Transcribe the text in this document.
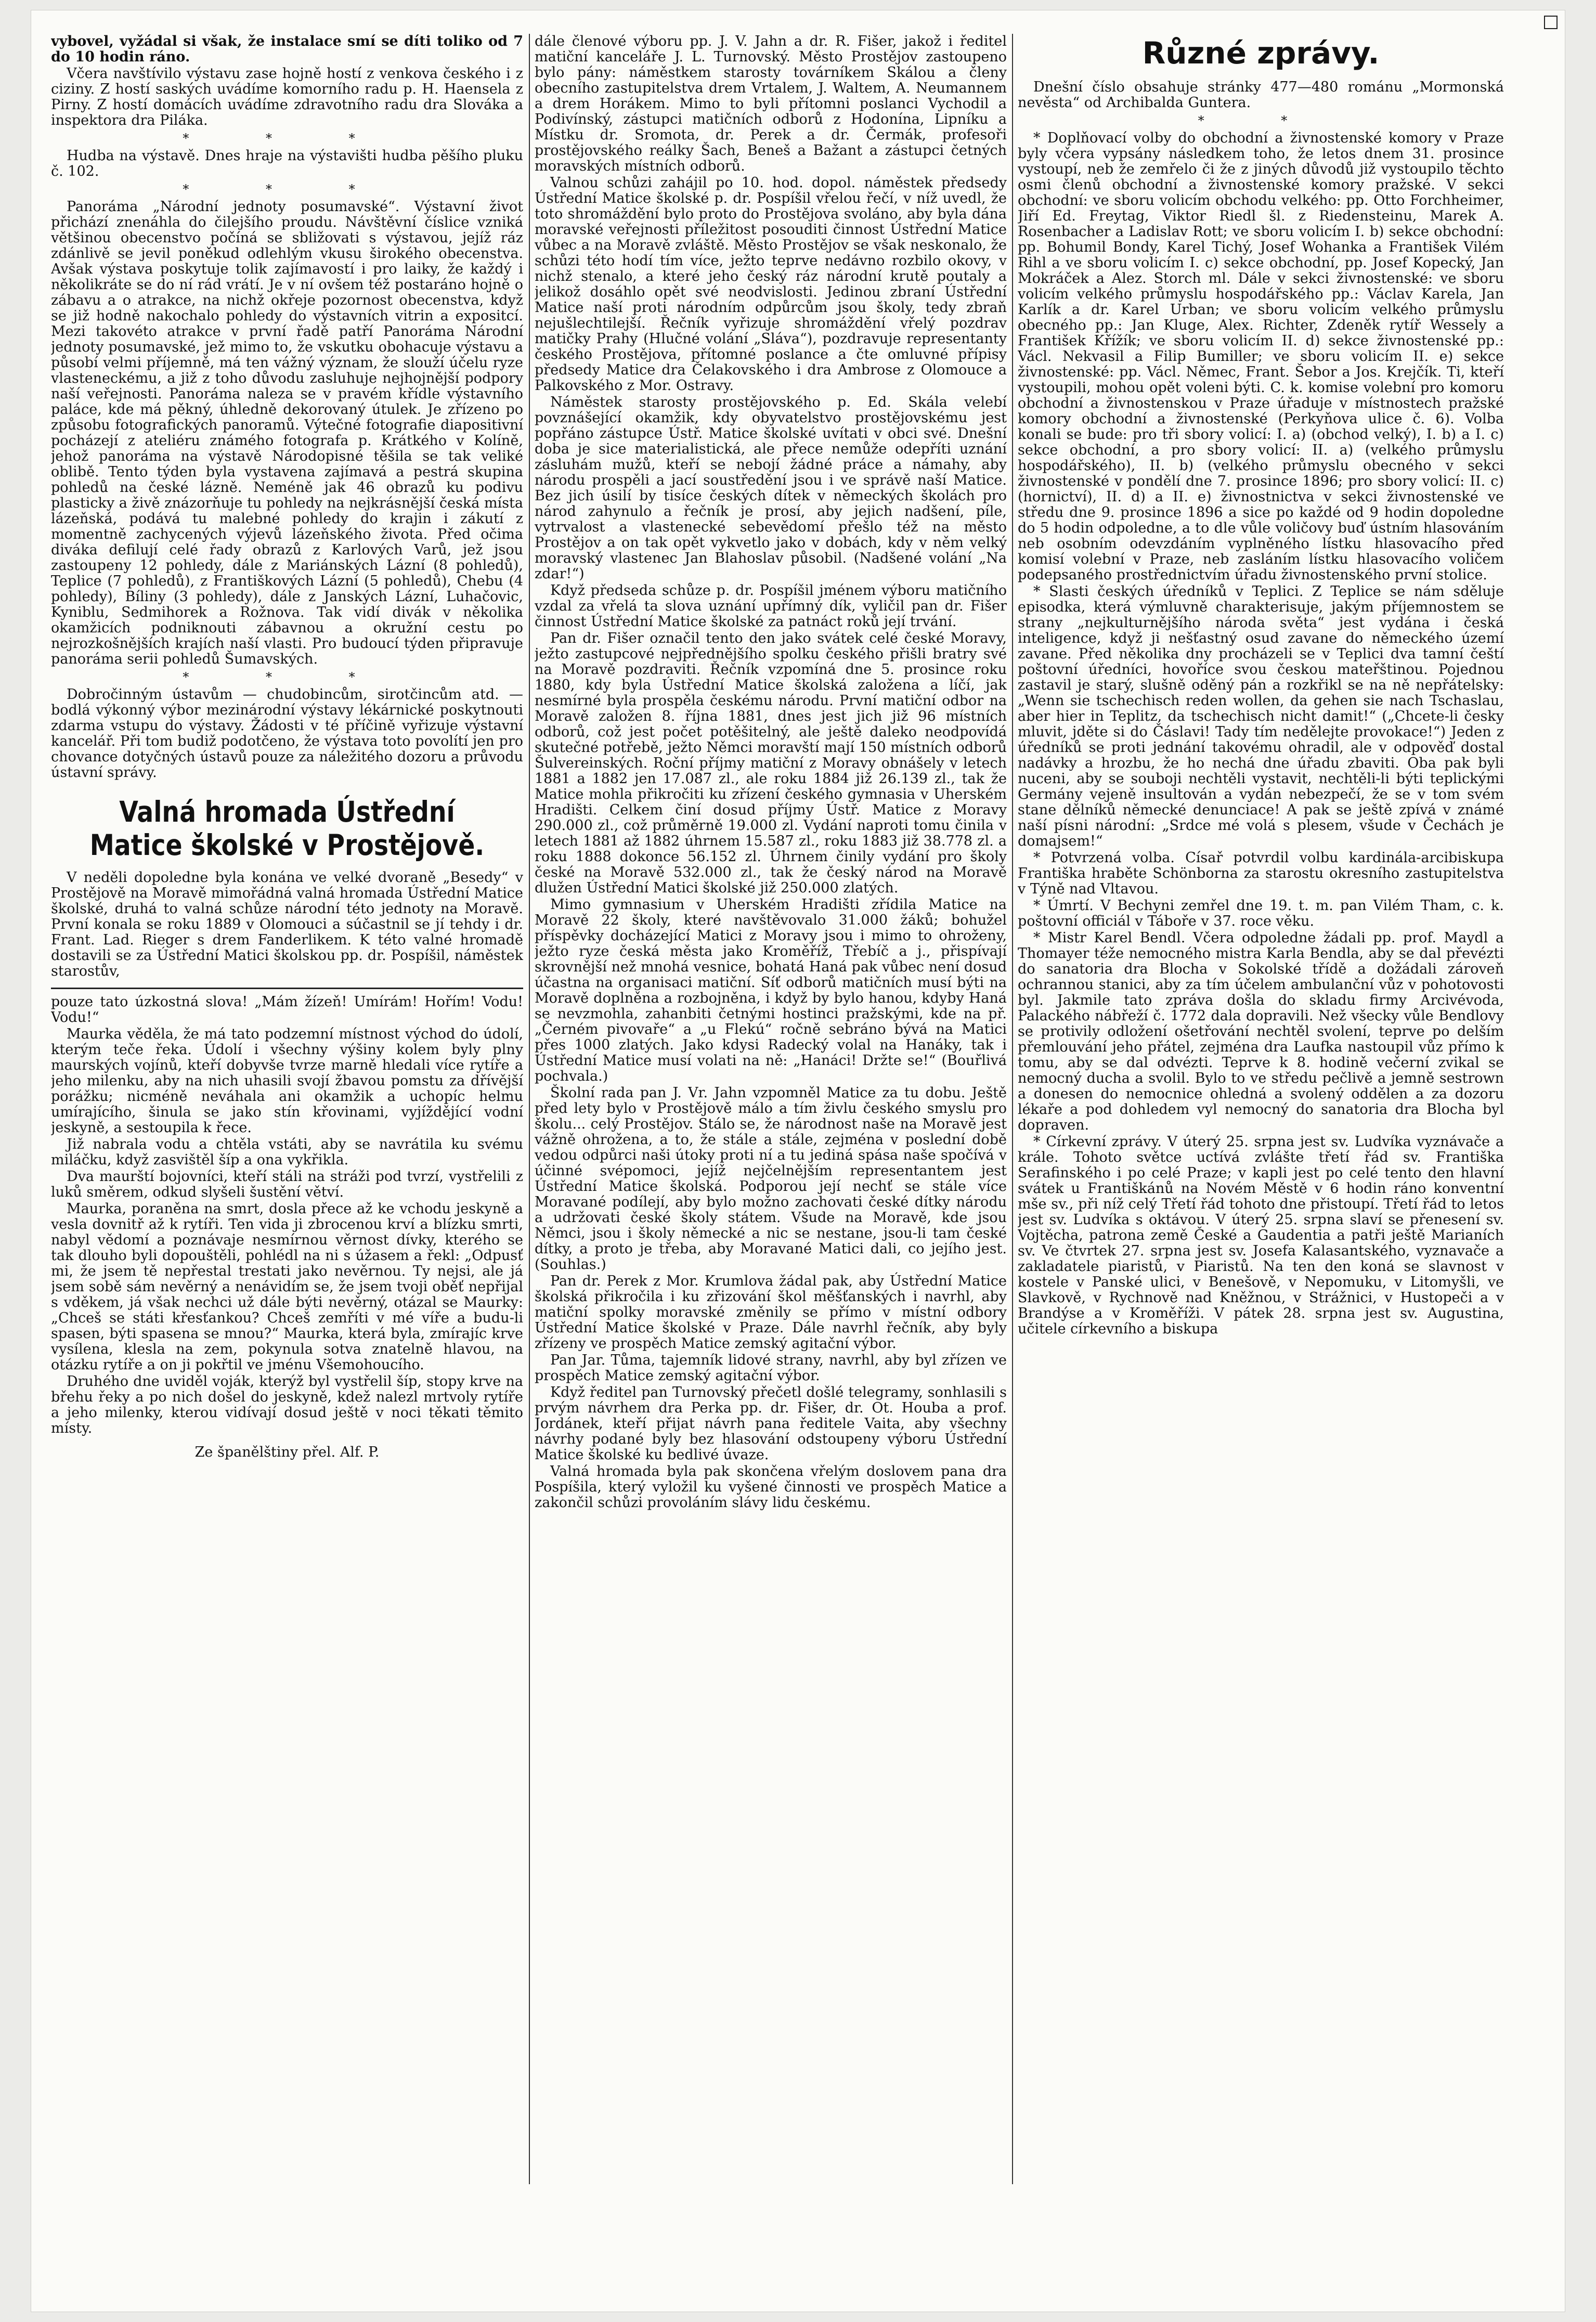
vybovel, vyžádal si však, že instalace smí se díti toliko od 7 do 10 hodin ráno.

Včera navštívilo výstavu zase hojně hostí z venkova českého i z ciziny. Z hostí saských uvádíme komorního radu p. H. Haensela z Pirny. Z hostí domácích uvádíme zdravotního radu dra Slováka a inspektora dra Piláka.

* * *

Hudba na výstavě. Dnes hraje na výstavišti hudba pěšího pluku č. 102.

* * *

Panoráma „Národní jednoty posumavské“. Výstavní život přichází znenáhla do čilejšího proudu. Návštěvní číslice vzniká většinou obecenstvo počíná se sbližovati s výstavou, jejíž ráz zdánlivě se jevil poněkud odlehlým vkusu širokého obecenstva. Avšak výstava poskytuje tolik zajímavostí i pro laiky, že každý i několikráte se do ní rád vrátí. Je v ní ovšem též postaráno hojně o zábavu a o atrakce, na nichž okřeje pozornost obecenstva, když se již hodně nakochalo pohledy do výstavních vitrin a expositcí. Mezi takovéto atrakce v první řadě patří Panoráma Národní jednoty posumavské, jež mimo to, že vskutku obohacuje výstavu a působí velmi příjemně, má ten vážný význam, že slouží účelu ryze vlasteneckému, a již z toho důvodu zasluhuje nejhojnější podpory naší veřejnosti. Panoráma naleza se v pravém křídle výstavního paláce, kde má pěkný, úhledně dekorovaný útulek. Je zřízeno po způsobu fotografických panoramů. Výtečné fotografie diapositivní pocházejí z ateliéru známého fotografa p. Krátkého v Kolíně, jehož panoráma na výstavě Národopisné těšila se tak veliké oblibě. Tento týden byla vystavena zajímavá a pestrá skupina pohledů na české lázně. Neméně jak 46 obrazů ku podivu plasticky a živě znázorňuje tu pohledy na nejkrásnější česká místa lázeňská, podává tu malebné pohledy do krajin i zákutí z momentně zachycených výjevů lázeňského života. Před očima diváka defilují celé řady obrazů z Karlových Varů, jež jsou zastoupeny 12 pohledy, dále z Mariánských Lázní (8 pohledů), Teplice (7 pohledů), z Františkových Lázní (5 pohledů), Chebu (4 pohledy), Bíliny (3 pohledy), dále z Janských Lázní, Luhačovic, Kyniblu, Sedmihorek a Rožnova. Tak vidí divák v několika okamžicích podniknouti zábavnou a okružní cestu po nejrozkošnějších krajích naší vlasti. Pro budoucí týden připravuje panoráma serii pohledů Šumavských.

* * *

Dobročinným ústavům — chudobincům, sirotčincům atd. — bodlá výkonný výbor mezinárodní výstavy lékárnické poskytnouti zdarma vstupu do výstavy. Žádosti v té příčině vyřizuje výstavní kancelář. Při tom budiž podotčeno, že výstava toto povolítí jen pro chovance dotyčných ústavů pouze za náležitého dozoru a průvodu ústavní správy.

Valná hromada Ústřední Matice školské v Prostějově.

V neděli dopoledne byla konána ve velké dvoraně „Besedy“ v Prostějově na Moravě mimořádná valná hromada Ústřední Matice školské, druhá to valná schůze národní této jednoty na Moravě. První konala se roku 1889 v Olomouci a súčastnil se jí tehdy i dr. Frant. Lad. Rieger s drem Fanderlikem. K této valné hromadě dostavili se za Ústřední Matici školskou pp. dr. Pospíšil, náměstek starostův,

pouze tato úzkostná slova! „Mám žízeň! Umírám! Hořím! Vodu! Vodu!“

Maurka věděla, že má tato podzemní místnost východ do údolí, kterým teče řeka. Údolí i všechny výšiny kolem byly plny maurských vojínů, kteří dobyvše tvrze marně hledali více rytíře a jeho milenku, aby na nich uhasili svojí žbavou pomstu za dřívější porážku; nicméně neváhala ani okamžik a uchopíc helmu umírajícího, šinula se jako stín křovinami, vyjíždějící vodní jeskyně, a sestoupila k řece.

Již nabrala vodu a chtěla vstáti, aby se navrátila ku svému miláčku, když zasvištěl šíp a ona vykřikla.

Dva maurští bojovníci, kteří stáli na stráži pod tvrzí, vystřelili z luků směrem, odkud slyšeli šustění větví.

Maurka, poraněna na smrt, dosla přece až ke vchodu jeskyně a vesla dovnitř až k rytíři. Ten vida ji zbrocenou krví a blízku smrti, nabyl vědomí a poznávaje nesmírnou věrnost dívky, kterého se tak dlouho byli dopouštěli, pohlédl na ni s úžasem a řekl: „Odpusť mi, že jsem tě nepřestal trestati jako nevěrnou. Ty nejsi, ale já jsem sobě sám nevěrný a nenávidím se, že jsem tvoji oběť nepřijal s vděkem, já však nechci už dále býti nevěrný, otázal se Maurky: „Chceš se státi křesťankou? Chceš zemříti v mé víře a budu-li spasen, býti spasena se mnou?“ Maurka, která byla, zmírajíc krve vysílena, klesla na zem, pokynula sotva znatelně hlavou, na otázku rytíře a on ji pokřtil ve jménu Všemohoucího.

Druhého dne uviděl voják, kterýž byl vystřelil šíp, stopy krve na břehu řeky a po nich došel do jeskyně, kdež nalezl mrtvoly rytíře a jeho milenky, kterou vidívají dosud ještě v noci těkati těmito místy.

Ze španělštiny přel. Alf. P.

dále členové výboru pp. J. V. Jahn a dr. R. Fišer, jakož i ředitel matiční kanceláře J. L. Turnovský. Město Prostějov zastoupeno bylo pány: náměstkem starosty továrníkem Skálou a členy obecního zastupitelstva drem Vrtalem, J. Waltem, A. Neumannem a drem Horákem. Mimo to byli přítomni poslanci Vychodil a Podivínský, zástupci matičních odborů z Hodonína, Lipníku a Místku dr. Sromota, dr. Perek a dr. Čermák, profesoři prostějovského reálky Šach, Beneš a Bažant a zástupci četných moravských místních odborů.

Valnou schůzi zahájil po 10. hod. dopol. náměstek předsedy Ústřední Matice školské p. dr. Pospíšil vřelou řečí, v níž uvedl, že toto shromáždění bylo proto do Prostějova svoláno, aby byla dána moravské veřejnosti příležitost posouditi činnost Ústřední Matice vůbec a na Moravě zvláště. Město Prostějov se však neskonalo, že schůzi této hodí tím více, ježto teprve nedávno rozbilo okovy, v nichž stenalo, a které jeho český ráz národní krutě poutaly a jelikož dosáhlo opět své neodvislosti. Jedinou zbraní Ústřední Matice naší proti národním odpůrcům jsou školy, tedy zbraň nejušlechtilejší. Řečník vyřizuje shromáždění vřelý pozdrav matičky Prahy (Hlučné volání „Sláva“), pozdravuje representanty českého Prostějova, přítomné poslance a čte omluvné přípisy předsedy Matice dra Čelakovského i dra Ambrose z Olomouce a Palkovského z Mor. Ostravy.

Náměstek starosty prostějovského p. Ed. Skála velebí povznášející okamžik, kdy obyvatelstvo prostějovskému jest popřáno zástupce Ústř. Matice školské uvítati v obci své. Dnešní doba je sice materialistická, ale přece nemůže odepříti uznání zásluhám mužů, kteří se nebojí žádné práce a námahy, aby národu prospěli a jací soustředění jsou i ve správě naší Matice. Bez jich úsilí by tisíce českých dítek v německých školách pro národ zahynulo a řečník je prosí, aby jejich nadšení, píle, vytrvalost a vlastenecké sebevědomí přešlo též na město Prostějov a on tak opět vykvetlo jako v dobách, kdy v něm velký moravský vlastenec Jan Blahoslav působil. (Nadšené volání „Na zdar!“)

Když předseda schůze p. dr. Pospíšil jménem výboru matičního vzdal za vřelá ta slova uznání upřímný dík, vyličil pan dr. Fišer činnost Ústřední Matice školské za patnáct roků její trvání.

Pan dr. Fišer označil tento den jako svátek celé české Moravy, ježto zastupcové nejpřednějšího spolku českého přišli bratry své na Moravě pozdraviti. Řečník vzpomíná dne 5. prosince roku 1880, kdy byla Ústřední Matice školská založena a líčí, jak nesmírné byla prospěla českému národu. První matiční odbor na Moravě založen 8. října 1881, dnes jest jich již 96 místních odborů, což jest počet potěšitelný, ale ještě daleko neodpovídá skutečné potřebě, ježto Němci moravští mají 150 místních odborů Šulvereinských. Roční příjmy matiční z Moravy obnášely v letech 1881 a 1882 jen 17.087 zl., ale roku 1884 již 26.139 zl., tak že Matice mohla přikročiti ku zřízení českého gymnasia v Uherském Hradišti. Celkem činí dosud příjmy Ústř. Matice z Moravy 290.000 zl., což průměrně 19.000 zl. Vydání naproti tomu činila v letech 1881 až 1882 úhrnem 15.587 zl., roku 1883 již 38.778 zl. a roku 1888 dokonce 56.152 zl. Úhrnem činily vydání pro školy české na Moravě 532.000 zl., tak že český národ na Moravě dlužen Ústřední Matici školské již 250.000 zlatých.

Mimo gymnasium v Uherském Hradišti zřídila Matice na Moravě 22 školy, které navštěvovalo 31.000 žáků; bohužel příspěvky docházející Matici z Moravy jsou i mimo to ohroženy, ježto ryze česká města jako Kroměříž, Třebíč a j., přispívají skrovnější než mnohá vesnice, bohatá Haná pak vůbec není dosud účastna na organisaci matiční. Síť odborů matičních musí býti na Moravě doplněna a rozbojněna, i když by bylo hanou, kdyby Haná se nevzmohla, zahanbiti četnými hostinci pražskými, kde na př. „Černém pivovaře“ a „u Flekú“ ročně sebráno bývá na Matici přes 1000 zlatých. Jako kdysi Radecký volal na Hanáky, tak i Ústřední Matice musí volati na ně: „Hanáci! Držte se!“ (Bouřlivá pochvala.)

Školní rada pan J. Vr. Jahn vzpomněl Matice za tu dobu. Ještě před lety bylo v Prostějově málo a tím živlu českého smyslu pro školu... celý Prostějov. Stálo se, že národnost naše na Moravě jest vážně ohrožena, a to, že stále a stále, zejména v poslední době vedou odpůrci naši útoky proti ní a tu jediná spása naše spočívá v účinné svépomoci, jejíž nejčelnějším representantem jest Ústřední Matice školská. Podporou její nechť se stále více Moravané podílejí, aby bylo možno zachovati české dítky národu a udržovati české školy státem. Všude na Moravě, kde jsou Němci, jsou i školy německé a nic se nestane, jsou-li tam české dítky, a proto je třeba, aby Moravané Matici dali, co jejího jest. (Souhlas.)

Pan dr. Perek z Mor. Krumlova žádal pak, aby Ústřední Matice školská přikročila i ku zřizování škol měšťanských i navrhl, aby matiční spolky moravské změnily se přímo v místní odbory Ústřední Matice školské v Praze. Dále navrhl řečník, aby byly zřízeny ve prospěch Matice zemský agitační výbor.

Pan Jar. Tůma, tajemník lidové strany, navrhl, aby byl zřízen ve prospěch Matice zemský agitační výbor.

Když ředitel pan Turnovský přečetl došlé telegramy, sonhlasili s prvým návrhem dra Perka pp. dr. Fišer, dr. Ot. Houba a prof. Jordánek, kteří přijat návrh pana ředitele Vaita, aby všechny návrhy podané byly bez hlasování odstoupeny výboru Ústřední Matice školské ku bedlivé úvaze.

Valná hromada byla pak skončena vřelým doslovem pana dra Pospíšila, který vyložil ku vyšené činnosti ve prospěch Matice a zakončil schůzi provoláním slávy lidu českému.

Různé zprávy.

Dnešní číslo obsahuje stránky 477—480 románu „Mormonská nevěsta“ od Archibalda Guntera.

* *

* Doplňovací volby do obchodní a živnostenské komory v Praze byly včera vypsány následkem toho, že letos dnem 31. prosince vystoupí, neb že zemřelo či že z jiných důvodů již vystoupilo těchto osmi členů obchodní a živnostenské komory pražské. V sekci obchodní: ve sboru volicím obchodu velkého: pp. Otto Forchheimer, Jiří Ed. Freytag, Viktor Riedl šl. z Riedensteinu, Marek A. Rosenbacher a Ladislav Rott; ve sboru volicím I. b) sekce obchodní: pp. Bohumil Bondy, Karel Tichý, Josef Wohanka a František Vilém Rihl a ve sboru volicím I. c) sekce obchodní, pp. Josef Kopecký, Jan Mokráček a Alez. Storch ml. Dále v sekci živnostenské: ve sboru volicím velkého průmyslu hospodářského pp.: Václav Karela, Jan Karlík a dr. Karel Urban; ve sboru volicím velkého průmyslu obecného pp.: Jan Kluge, Alex. Richter, Zdeněk rytíř Wessely a František Křížík; ve sboru volicím II. d) sekce živnostenské pp.: Václ. Nekvasil a Filip Bumiller; ve sboru volicím II. e) sekce živnostenské: pp. Václ. Němec, Frant. Šebor a Jos. Krejčík. Ti, kteří vystoupili, mohou opět voleni býti. C. k. komise volební pro komoru obchodní a živnostenskou v Praze úřaduje v místnostech pražské komory obchodní a živnostenské (Perkyňova ulice č. 6). Volba konali se bude: pro tři sbory volicí: I. a) (obchod velký), I. b) a I. c) sekce obchodní, a pro sbory volicí: II. a) (velkého průmyslu hospodářského), II. b) (velkého průmyslu obecného v sekci živnostenské v pondělí dne 7. prosince 1896; pro sbory volicí: II. c) (hornictví), II. d) a II. e) živnostnictva v sekci živnostenské ve středu dne 9. prosince 1896 a sice po každé od 9 hodin dopoledne do 5 hodin odpoledne, a to dle vůle voličovy buď ústním hlasováním neb osobním odevzdáním vyplněného lístku hlasovacího před komisí volební v Praze, neb zasláním lístku hlasovacího voličem podepsaného prostřednictvím úřadu živnostenského první stolice.

* Slasti českých úředníků v Teplici. Z Teplice se nám sděluje episodka, která výmluvně charakterisuje, jakým příjemnostem se strany „nejkulturnějšího národa světa“ jest vydána i česká inteligence, když ji nešťastný osud zavane do německého území zavane. Před několika dny procházeli se v Teplici dva tamní čeští poštovní úředníci, hovoříce svou českou mateřštinou. Pojednou zastavil je starý, slušně oděný pán a rozkřikl se na ně nepřátelsky: „Wenn sie tschechisch reden wollen, da gehen sie nach Tschaslau, aber hier in Teplitz, da tschechisch nicht damit!“ („Chcete-li česky mluvit, jděte si do Čáslavi! Tady tím nedělejte provokace!“) Jeden z úředníků se proti jednání takovému ohradil, ale v odpověď dostal nadávky a hrozbu, že ho nechá dne úřadu zbaviti. Oba pak byli nuceni, aby se souboji nechtěli vystavit, nechtěli-li býti teplickými Germány vejeně insultován a vydán nebezpečí, že se v tom svém stane dělníků německé denunciace! A pak se ještě zpívá v známé naší písni národní: „Srdce mé volá s plesem, všude v Čechách je domajsem!“

* Potvrzená volba. Císař potvrdil volbu kardinála-arcibiskupa Františka hraběte Schönborna za starostu okresního zastupitelstva v Týně nad Vltavou.

* Úmrtí. V Bechyni zemřel dne 19. t. m. pan Vilém Tham, c. k. poštovní officiál v Táboře v 37. roce věku.

* Mistr Karel Bendl. Včera odpoledne žádali pp. prof. Maydl a Thomayer téže nemocného mistra Karla Bendla, aby se dal převézti do sanatoria dra Blocha v Sokolské třídě a dožádali zároveň ochrannou stanici, aby za tím účelem ambulanční vůz v pohotovosti byl. Jakmile tato zpráva došla do skladu firmy Arcivévoda, Palackého nábřeží č. 1772 dala dopravili. Než všecky vůle Bendlovy se protivily odložení ošetřování nechtěl svolení, teprve po delším přemlouvání jeho přátel, zejména dra Laufka nastoupil vůz přímo k tomu, aby se dal odvézti. Teprve k 8. hodině večerní zvikal se nemocný ducha a svolil. Bylo to ve středu pečlivě a jemně sestrown a donesen do nemocnice ohledná a svolený oddělen a za dozoru lékaře a pod dohledem vyl nemocný do sanatoria dra Blocha byl dopraven.

* Církevní zprávy. V úterý 25. srpna jest sv. Ludvíka vyznávače a krále. Tohoto světce uctívá zvlášte třetí řád sv. Františka Serafinského i po celé Praze; v kapli jest po celé tento den hlavní svátek u Františkánů na Novém Městě v 6 hodin ráno konventní mše sv., při níž celý Třetí řád tohoto dne přistoupí. Třetí řád to letos jest sv. Ludvíka s oktávou. V úterý 25. srpna slaví se přenesení sv. Vojtěcha, patrona země České a Gaudentia a patři ještě Marianích sv. Ve čtvrtek 27. srpna jest sv. Josefa Kalasantského, vyznavače a zakladatele piaristů, v Piaristů. Na ten den koná se slavnost v kostele v Panské ulici, v Benešově, v Nepomuku, v Litomyšli, ve Slavkově, v Rychnově nad Kněžnou, v Strážnici, v Hustopeči a v Brandýse a v Kroměříži. V pátek 28. srpna jest sv. Augustina, učitele církevního a biskupa
